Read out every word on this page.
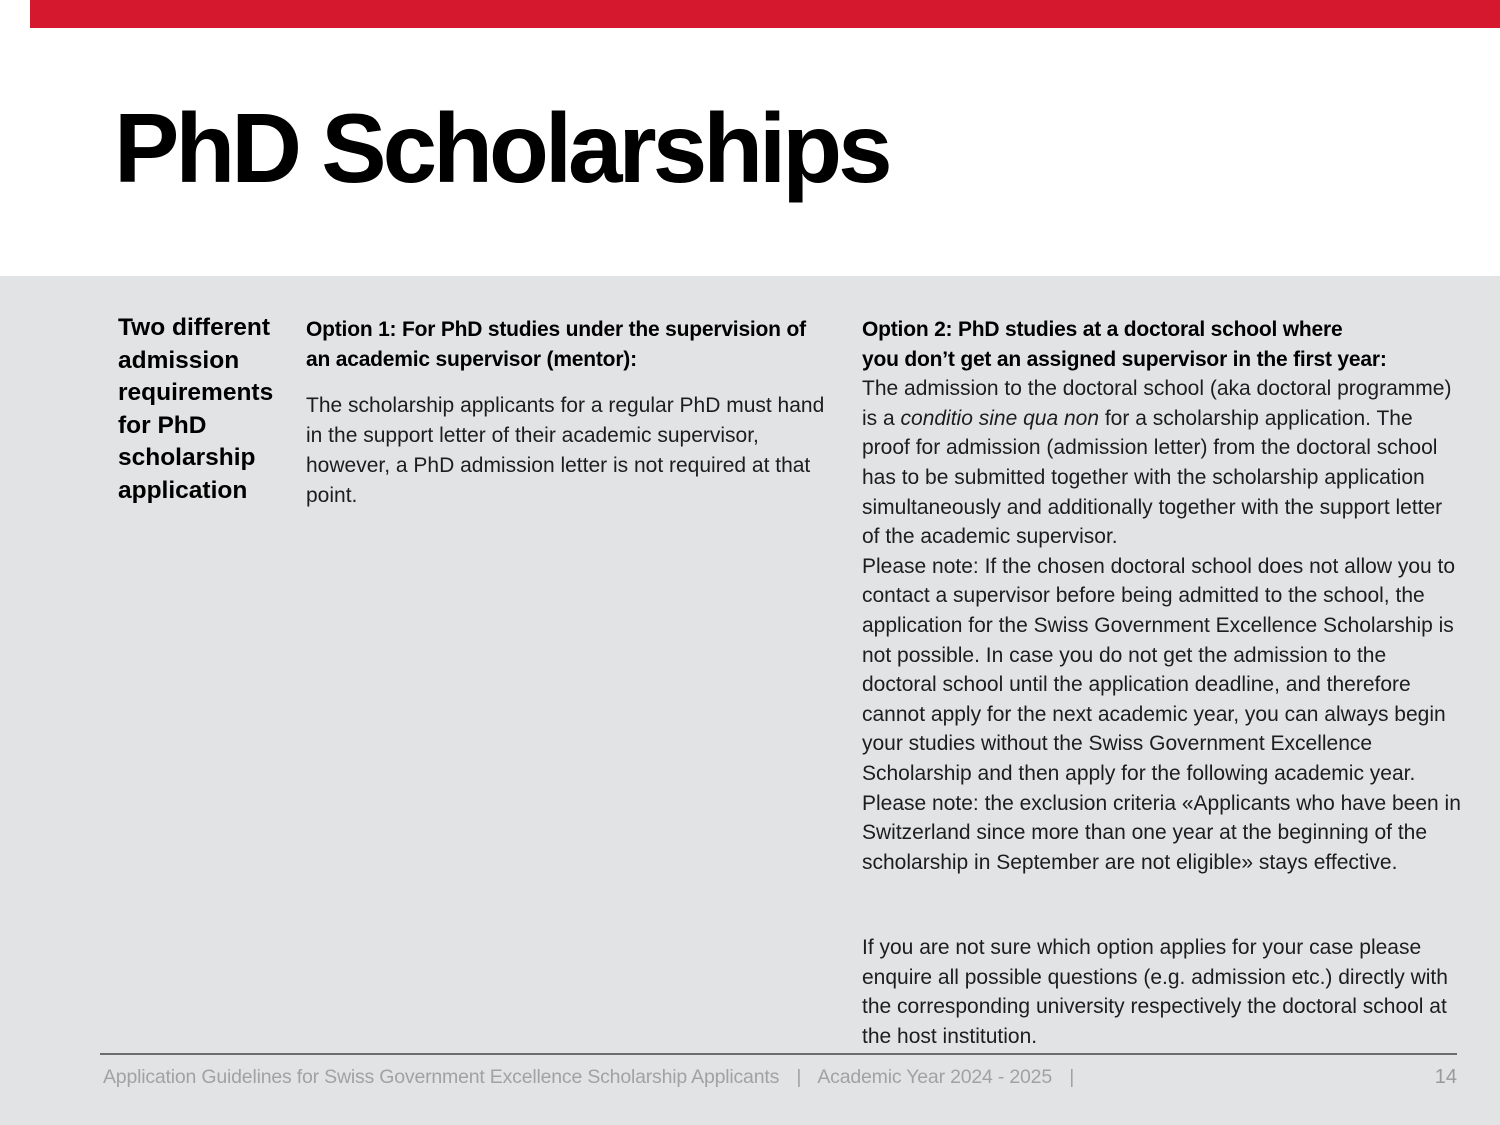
PhD Scholarships
Two different admission requirements for PhD scholarship application
Option 1: For PhD studies under the supervision of
an academic supervisor (mentor):

The scholarship applicants for a regular PhD must hand in the support letter of their academic supervisor, however, a PhD admission letter is not required at that point.

Option 2: PhD studies at a doctoral school where
you don’t get an assigned supervisor in the first year:

The admission to the doctoral school (aka doctoral programme) is a conditio sine qua non for a scholarship application. The proof for admission (admission letter) from the doctoral school has to be submitted together with the scholarship application simultaneously and additionally together with the support letter of the academic supervisor.

Please note: If the chosen doctoral school does not allow you to contact a supervisor before being admitted to the school, the application for the Swiss Government Excellence Scholarship is not possible. In case you do not get the admission to the doctoral school until the application deadline, and therefore cannot apply for the next academic year, you can always begin your studies without the Swiss Government Excellence Scholarship and then apply for the following academic year.

Please note: the exclusion criteria «Applicants who have been in Switzerland since more than one year at the beginning of the scholarship in September are not eligible» stays effective.

If you are not sure which option applies for your case please enquire all possible questions (e.g. admission etc.) directly with the corresponding university respectively the doctoral school at the host institution.

Application Guidelines for Swiss Government Excellence Scholarship Applicants | Academic Year 2024 - 2025 |	14
